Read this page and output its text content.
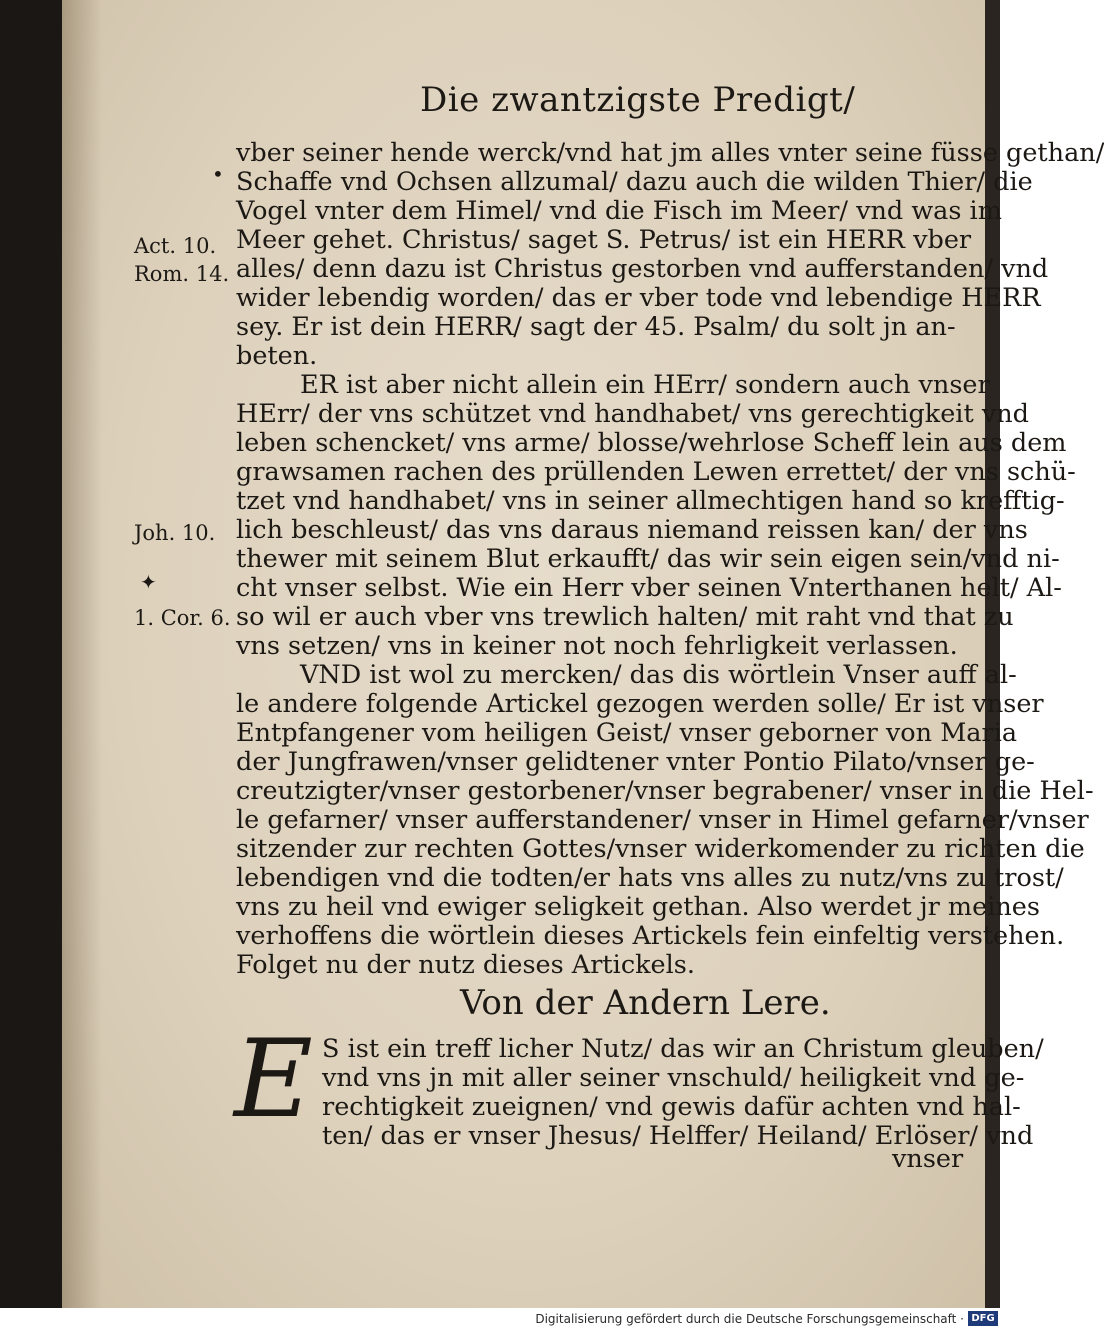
Die zwantzigste Predigt/
•
✦
Act. 10.
Rom. 14.
Joh. 10.
1. Cor. 6.
vber seiner hende werck/vnd hat jm alles vnter seine füsse gethan/
Schaffe vnd Ochsen allzumal/ dazu auch die wilden Thier/ die
Vogel vnter dem Himel/ vnd die Fisch im Meer/ vnd was im
Meer gehet. Christus/ saget S. Petrus/ ist ein HERR vber
alles/ denn dazu ist Christus gestorben vnd aufferstanden/ vnd
wider lebendig worden/ das er vber tode vnd lebendige HERR
sey. Er ist dein HERR/ sagt der 45. Psalm/ du solt jn an-
beten.
ER ist aber nicht allein ein HErr/ sondern auch vnser
HErr/ der vns schützet vnd handhabet/ vns gerechtigkeit vnd
leben schencket/ vns arme/ blosse/wehrlose Scheff lein aus dem
grawsamen rachen des prüllenden Lewen errettet/ der vns schü-
tzet vnd handhabet/ vns in seiner allmechtigen hand so krefftig-
lich beschleust/ das vns daraus niemand reissen kan/ der vns
thewer mit seinem Blut erkaufft/ das wir sein eigen sein/vnd ni-
cht vnser selbst. Wie ein Herr vber seinen Vnterthanen helt/ Al-
so wil er auch vber vns trewlich halten/ mit raht vnd that zu
vns setzen/ vns in keiner not noch fehrligkeit verlassen.
VND ist wol zu mercken/ das dis wörtlein Vnser auff al-
le andere folgende Artickel gezogen werden solle/ Er ist vnser
Entpfangener vom heiligen Geist/ vnser geborner von Maria
der Jungfrawen/vnser gelidtener vnter Pontio Pilato/vnser ge-
creutzigter/vnser gestorbener/vnser begrabener/ vnser in die Hel-
le gefarner/ vnser aufferstandener/ vnser in Himel gefarner/vnser
sitzender zur rechten Gottes/vnser widerkomender zu richten die
lebendigen vnd die todten/er hats vns alles zu nutz/vns zu trost/
vns zu heil vnd ewiger seligkeit gethan. Also werdet jr meines
verhoffens die wörtlein dieses Artickels fein einfeltig verstehen.
Folget nu der nutz dieses Artickels.
Von der Andern Lere.
E S ist ein treff licher Nutz/ das wir an Christum gleuben/
vnd vns jn mit aller seiner vnschuld/ heiligkeit vnd ge-
rechtigkeit zueignen/ vnd gewis dafür achten vnd hal-
ten/ das er vnser Jhesus/ Helffer/ Heiland/ Erlöser/ vnd
vnser
Digitalisierung gefördert durch die Deutsche Forschungsgemeinschaft · DFG
